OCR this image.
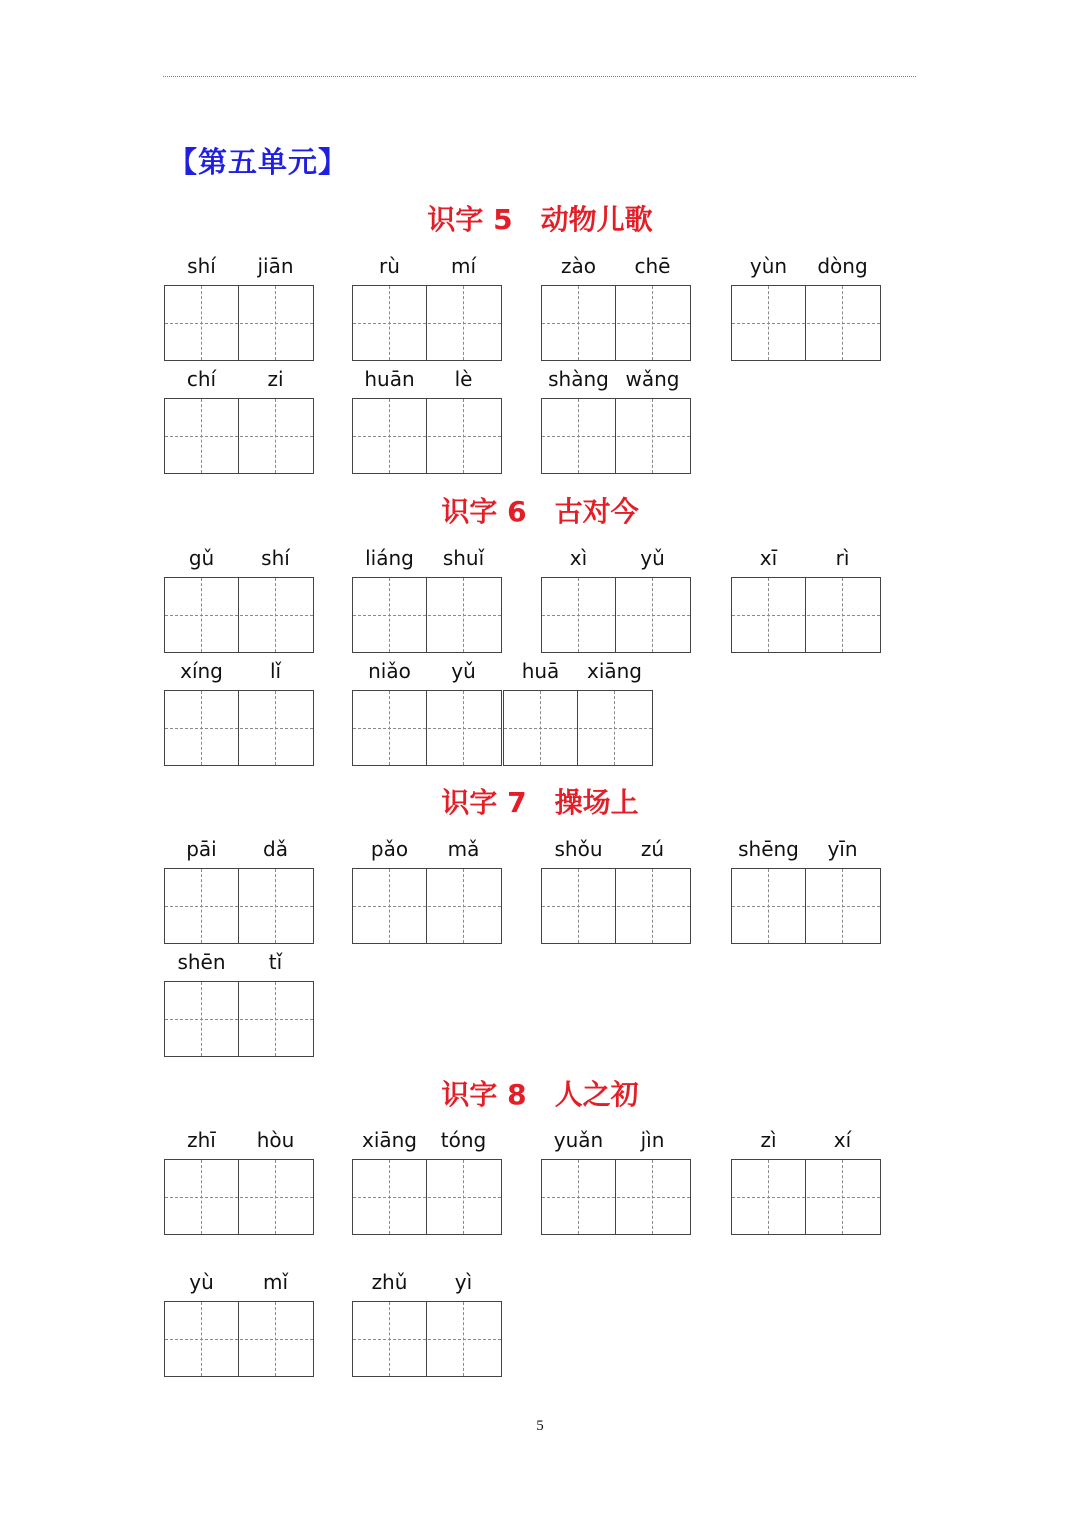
【第五单元】
识字 5 动物儿歌
shí	jiān	rù	mí	zào	chē	yùn	dòng
chí	zi	huān	lè	shàng wǎng
识字 6 古对今
gǔ	shí	liáng	shuǐ	xì	yǔ	xī	rì
xíng	lǐ	niǎo	yǔ	huā	xiāng
识字 7 操场上
pāi	dǎ	pǎo	mǎ	shǒu	zú	shēng	yīn
shēn	tǐ
识字 8 人之初
zhī	hòu	xiāng	tóng	yuǎn	jìn	zì	xí
yù	mǐ	zhǔ	yì
5
